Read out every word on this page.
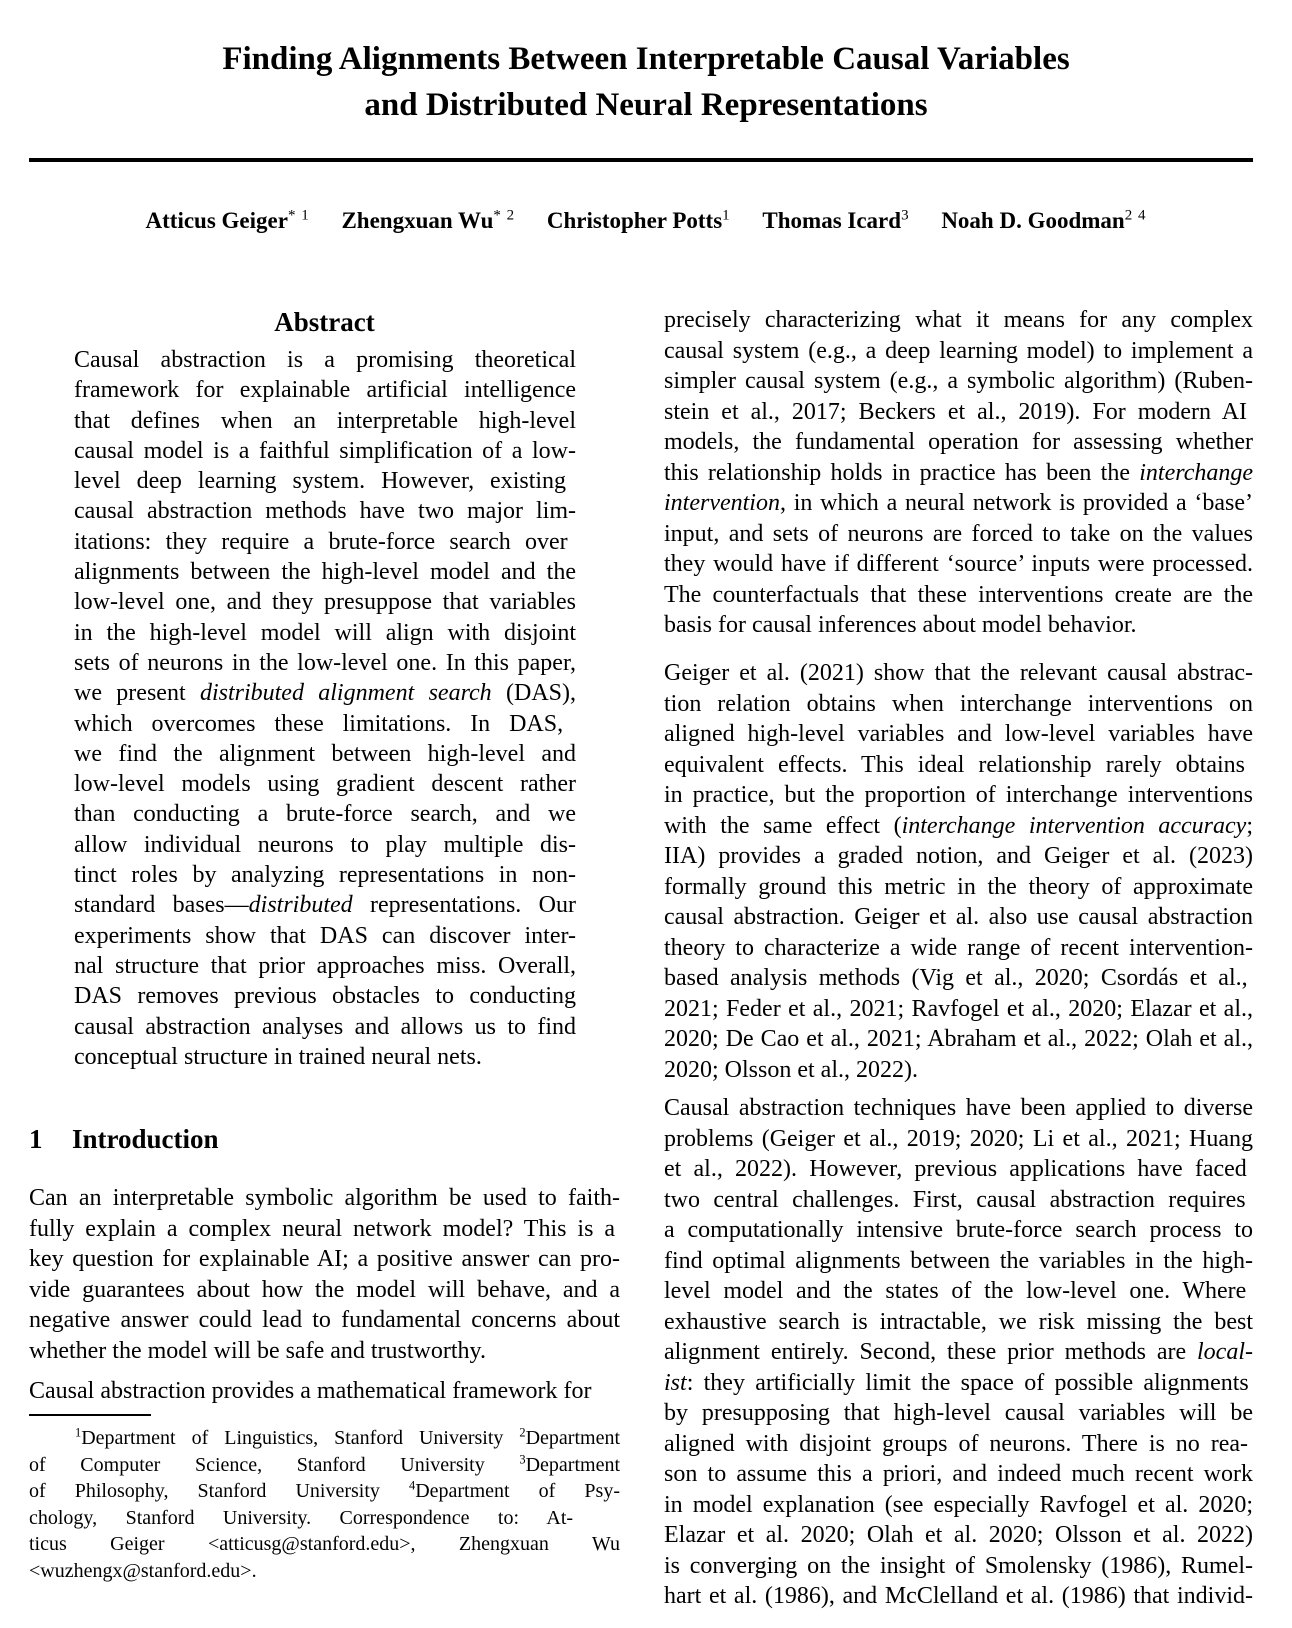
Finding Alignments Between Interpretable Causal Variables
and Distributed Neural Representations
Atticus Geiger$^{* 1}$ Zhengxuan Wu$^{* 2}$ Christopher Potts$^1$ Thomas Icard$^3$ Noah D. Goodman$^{2 4}$
Abstract
Causal abstraction is a promising theoretical
framework for explainable artificial intelligence
that defines when an interpretable high-level
causal model is a faithful simplification of a low-
level deep learning system. However, existing
causal abstraction methods have two major lim-
itations: they require a brute-force search over
alignments between the high-level model and the
low-level one, and they presuppose that variables
in the high-level model will align with disjoint
sets of neurons in the low-level one. In this paper,
we present distributed alignment search (DAS),
which overcomes these limitations. In DAS,
we find the alignment between high-level and
low-level models using gradient descent rather
than conducting a brute-force search, and we
allow individual neurons to play multiple dis-
tinct roles by analyzing representations in non-
standard bases—distributed representations. Our
experiments show that DAS can discover inter-
nal structure that prior approaches miss. Overall,
DAS removes previous obstacles to conducting
causal abstraction analyses and allows us to find
conceptual structure in trained neural nets.
1 Introduction
Can an interpretable symbolic algorithm be used to faith-
fully explain a complex neural network model? This is a
key question for explainable AI; a positive answer can pro-
vide guarantees about how the model will behave, and a
negative answer could lead to fundamental concerns about
whether the model will be safe and trustworthy.
Causal abstraction provides a mathematical framework for
$^1$Department of Linguistics, Stanford University $^2$Department
of Computer Science, Stanford University $^3$Department
of Philosophy, Stanford University $^4$Department of Psy-
chology, Stanford University. Correspondence to: At-
ticus Geiger <atticusg@stanford.edu>, Zhengxuan Wu
<wuzhengx@stanford.edu>.
precisely characterizing what it means for any complex
causal system (e.g., a deep learning model) to implement a
simpler causal system (e.g., a symbolic algorithm) (Ruben-
stein et al., 2017; Beckers et al., 2019). For modern AI
models, the fundamental operation for assessing whether
this relationship holds in practice has been the interchange
intervention, in which a neural network is provided a ‘base’
input, and sets of neurons are forced to take on the values
they would have if different ‘source’ inputs were processed.
The counterfactuals that these interventions create are the
basis for causal inferences about model behavior.
Geiger et al. (2021) show that the relevant causal abstrac-
tion relation obtains when interchange interventions on
aligned high-level variables and low-level variables have
equivalent effects. This ideal relationship rarely obtains
in practice, but the proportion of interchange interventions
with the same effect (interchange intervention accuracy;
IIA) provides a graded notion, and Geiger et al. (2023)
formally ground this metric in the theory of approximate
causal abstraction. Geiger et al. also use causal abstraction
theory to characterize a wide range of recent intervention-
based analysis methods (Vig et al., 2020; Csordás et al.,
2021; Feder et al., 2021; Ravfogel et al., 2020; Elazar et al.,
2020; De Cao et al., 2021; Abraham et al., 2022; Olah et al.,
2020; Olsson et al., 2022).
Causal abstraction techniques have been applied to diverse
problems (Geiger et al., 2019; 2020; Li et al., 2021; Huang
et al., 2022). However, previous applications have faced
two central challenges. First, causal abstraction requires
a computationally intensive brute-force search process to
find optimal alignments between the variables in the high-
level model and the states of the low-level one. Where
exhaustive search is intractable, we risk missing the best
alignment entirely. Second, these prior methods are local-
ist: they artificially limit the space of possible alignments
by presupposing that high-level causal variables will be
aligned with disjoint groups of neurons. There is no rea-
son to assume this a priori, and indeed much recent work
in model explanation (see especially Ravfogel et al. 2020;
Elazar et al. 2020; Olah et al. 2020; Olsson et al. 2022)
is converging on the insight of Smolensky (1986), Rumel-
hart et al. (1986), and McClelland et al. (1986) that individ-
